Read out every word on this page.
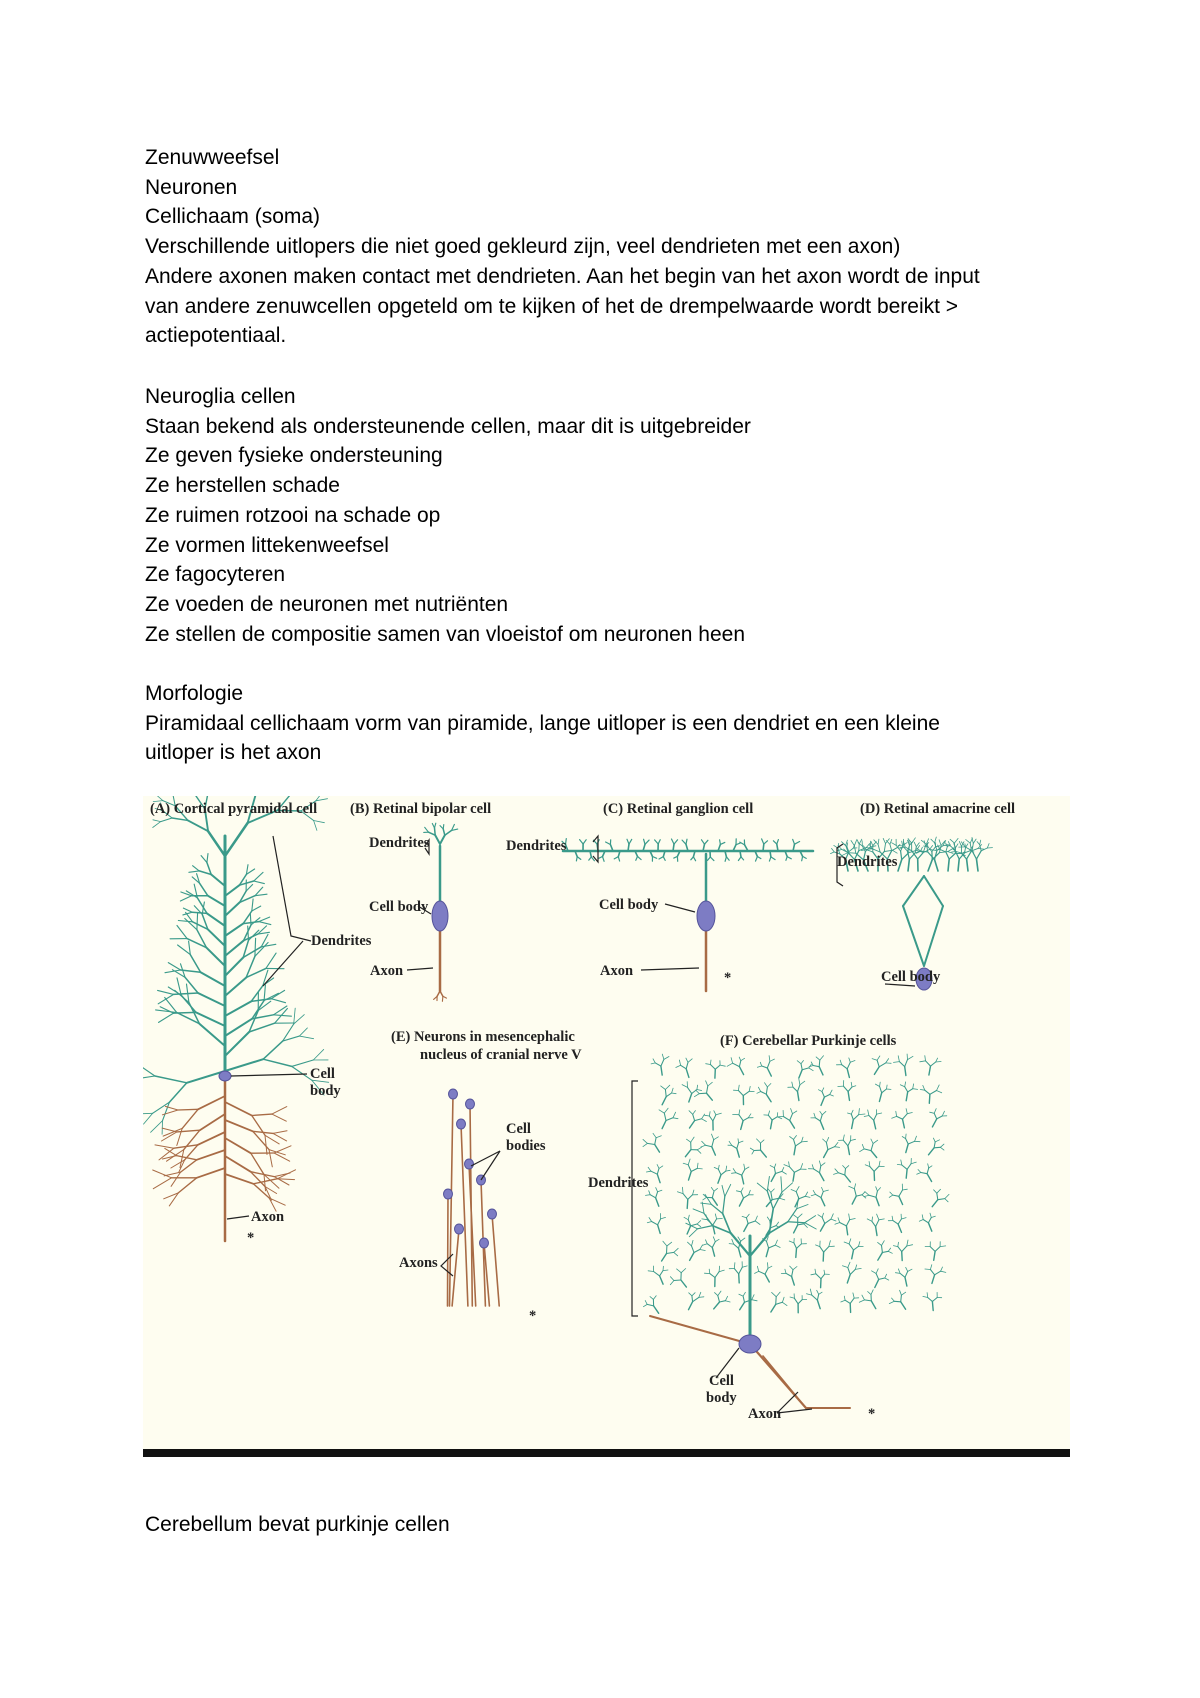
Zenuwweefsel

Neuronen

Cellichaam (soma)

Verschillende uitlopers die niet goed gekleurd zijn, veel dendrieten met een axon)

Andere axonen maken contact met dendrieten. Aan het begin van het axon wordt de input

van andere zenuwcellen opgeteld om te kijken of het de drempelwaarde wordt bereikt >

actiepotentiaal.

Neuroglia cellen

Staan bekend als ondersteunende cellen, maar dit is uitgebreider

Ze geven fysieke ondersteuning

Ze herstellen schade

Ze ruimen rotzooi na schade op

Ze vormen littekenweefsel

Ze fagocyteren

Ze voeden de neuronen met nutriënten

Ze stellen de compositie samen van vloeistof om neuronen heen

Morfologie

Piramidaal cellichaam vorm van piramide, lange uitloper is een dendriet en een kleine

uitloper is het axon

(A) Cortical pyramidal cell
Dendrites
Cell
body
Axon
*
(B) Retinal bipolar cell
Dendrites
Cell body
Axon
(C) Retinal ganglion cell
Dendrites
Cell body
Axon	*
(D) Retinal amacrine cell
Dendrites
Cell body
(E) Neurons in mesencephalic
nucleus of cranial nerve V
Cell
bodies
Axons
*
(F) Cerebellar Purkinje cells
Dendrites
Cell
body
Axon	*

Cerebellum bevat purkinje cellen
